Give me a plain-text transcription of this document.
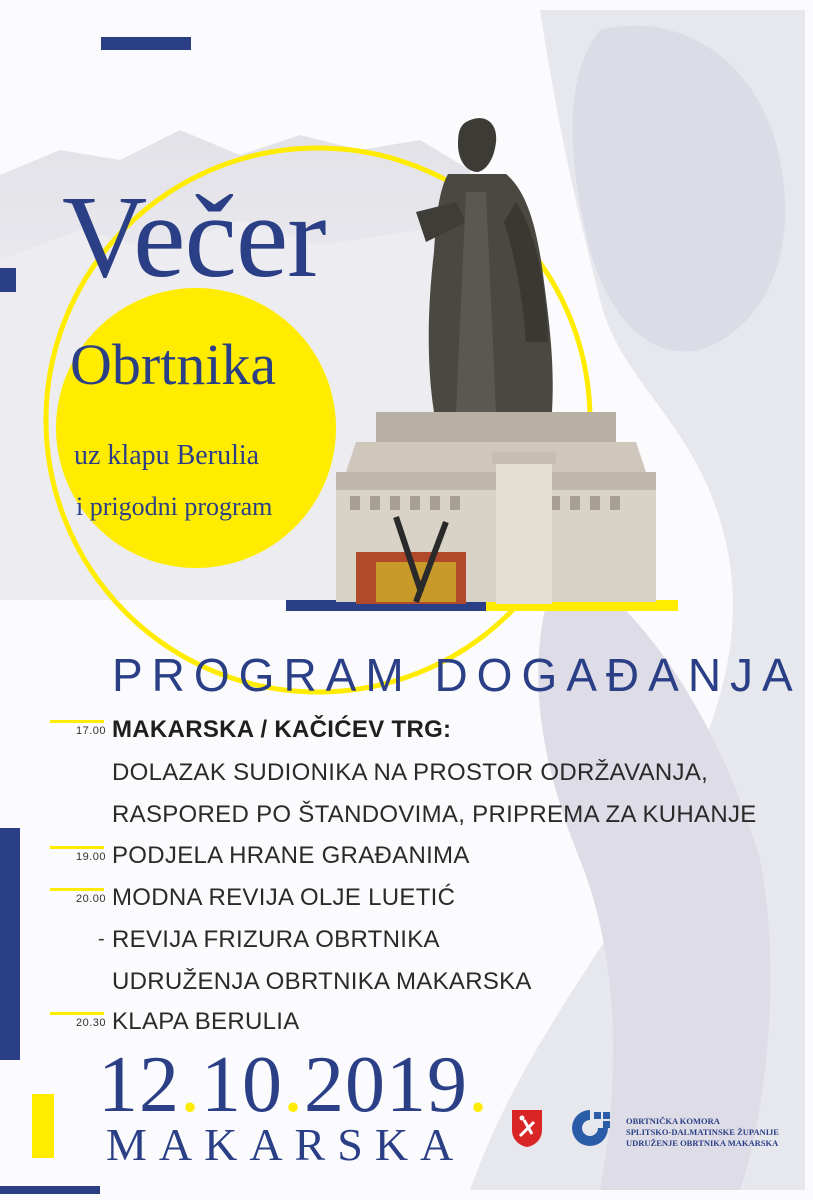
Večer
Obrtnika
uz klapu Berulia
i prigodni program
PROGRAM DOGAĐANJA
17.00 MAKARSKA / KAČIĆEV TRG:
DOLAZAK SUDIONIKA NA PROSTOR ODRŽAVANJA,
RASPORED PO ŠTANDOVIMA, PRIPREMA ZA KUHANJE
19.00 PODJELA HRANE GRAĐANIMA
20.00 MODNA REVIJA OLJE LUETIĆ
- REVIJA FRIZURA OBRTNIKA
UDRUŽENJA OBRTNIKA MAKARSKA
20.30 KLAPA BERULIA
12.10.2019.
MAKARSKA	OBRTNIČKA KOMORA
SPLITSKO-DALMATINSKE ŽUPANIJE
UDRUŽENJE OBRTNIKA MAKARSKA
